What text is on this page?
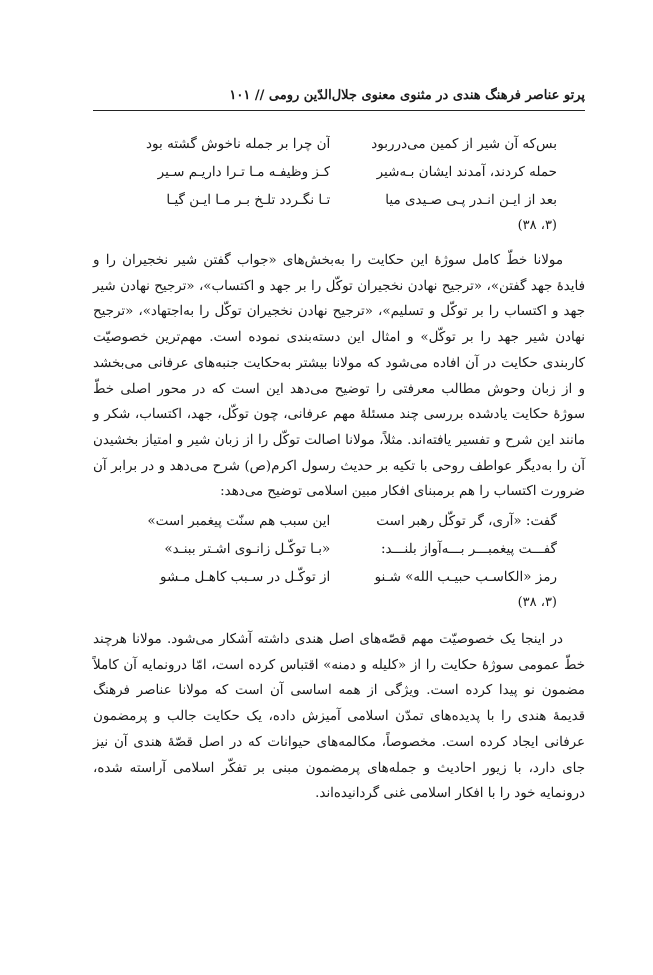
پرتو عناصر فرهنگ هندی در مثنوی معنوی جلال‌الدّین رومی // ۱۰۱
بس‌که آن شیر از کمین می‌دررب‍ود
آن چرا بر جمله ناخوش گشته بود
حمله کردند، آمدند ایشان بـه‌شیر
کـز وظیفـه مـا تـرا داریـم سـیر
بعد از ایـن انـدر پـی صـیدی میا
تـا نگـردد تلـخ بـر مـا ایـن گیـا
(۳، ۳۸)

مولانا خطّ کامل سوژۀ این حکایت را به‌بخش‌های «جواب گفتن شیر نخجیران را و فایدۀ جهد گفتن»، «ترجیح نهادن نخجیران توکّل را بر جهد و اکتساب»، «ترجیح نهادن شیر جهد و اکتساب را بر توکّل و تسلیم»، «ترجیح نهادن نخجیران توکّل را به‌اجتهاد»، «ترجیح نهادن شیر جهد را بر توکّل» و امثال این دسته‌بندی نموده است. مهم‌ترین خصوصیّت کاربندی حکایت در آن افاده می‌شود که مولانا بیشتر به‌حکایت جنبه‌های عرفانی می‌بخشد و از زبان وحوش مطالب معرفتی را توضیح می‌دهد این است که در محور اصلی خطّ سوژۀ حکایت یادشده بررسی چند مسئلۀ مهم عرفانی، چون توکّل، جهد، اکتساب، شکر و مانند این شرح و تفسیر یافته‌اند. مثلاً، مولانا اصالت توکّل را از زبان شیر و امتیاز بخشیدن آن را به‌دیگر عواطف روحی با تکیه بر حدیث رسول اکرم(ص) شرح می‌دهد و در برابر آن ضرورت اکتساب را هم برمبنای افکار مبین اسلامی توضیح می‌دهد:

گفت: «آری، گر توکّل رهبر است
این سبب هم سنّت پیغمبر است»
گفـــت پیغمبـــر بـــه‌آواز بلنـــد:
«بـا توکّـل زانـوی اشـتر ببنـد»
رمز «الکاسـب حبیـب الله» شـنو
از توکّـل در سـبب کاهـل مـشو
(۳، ۳۸)

در اینجا یک خصوصیّت مهم قصّه‌های اصل هندی داشته آشکار می‌شود. مولانا هرچند خطّ عمومی سوژۀ حکایت را از «کلیله و دمنه» اقتباس کرده است، امّا درونمایه آن کاملاً مضمون نو پیدا کرده است. ویژگی از همه اساسی آن است که مولانا عناصر فرهنگ قدیمۀ هندی را با پدیده‌های تمدّن اسلامی آمیزش داده، یک حکایت جالب و پرمضمون عرفانی ایجاد کرده است. مخصوصاً، مکالمه‌های حیوانات که در اصل قصّۀ هندی آن نیز جای دارد، با زیور احادیث و جمله‌های پرمضمون مبنی بر تفکّر اسلامی آراسته شده، درونمایه خود را با افکار اسلامی غنی گردانیده‌اند.
